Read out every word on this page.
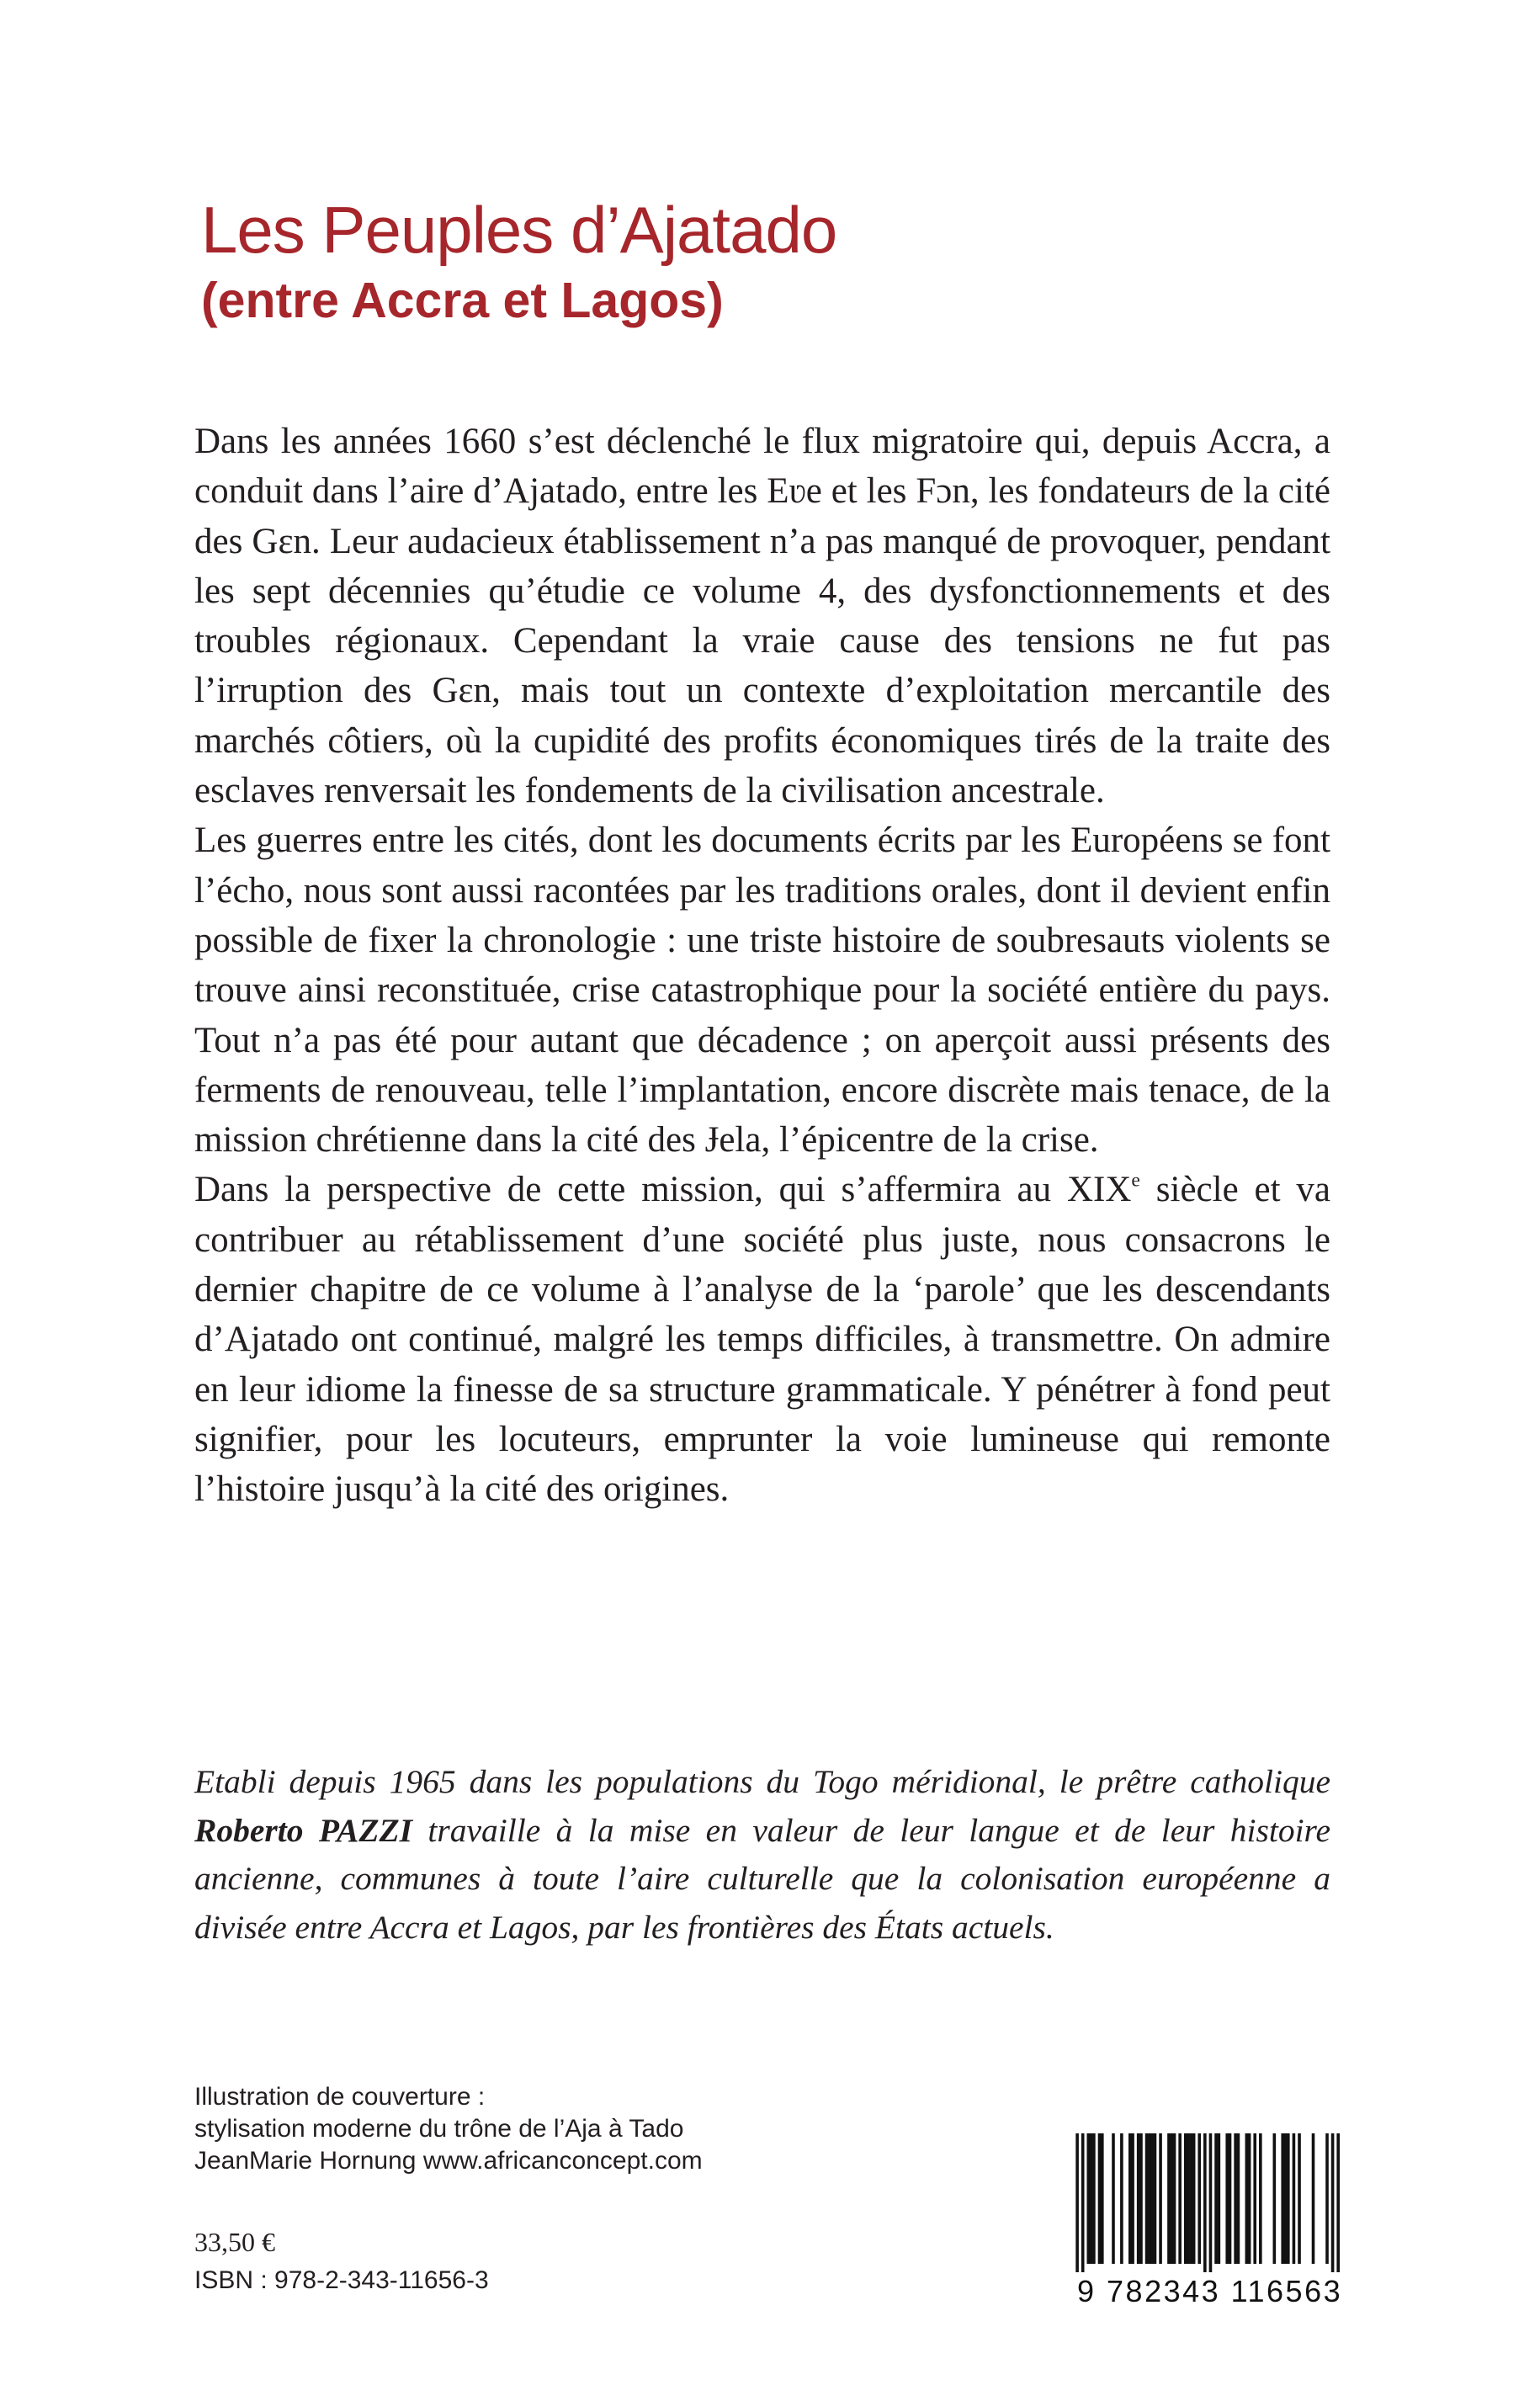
Les Peuples d’Ajatado
(entre Accra et Lagos)

Dans les années 1660 s’est déclenché le flux migratoire qui, depuis Accra, a conduit dans l’aire d’Ajatado, entre les Eʋe et les Fɔn, les fondateurs de la cité des Gɛn. Leur audacieux établissement n’a pas manqué de provoquer, pendant les sept décennies qu’étudie ce volume 4, des dysfonctionnements et des troubles régionaux. Cependant la vraie cause des tensions ne fut pas l’irruption des Gɛn, mais tout un contexte d’exploitation mercantile des marchés côtiers, où la cupidité des profits économiques tirés de la traite des esclaves renversait les fondements de la civilisation ancestrale.

Les guerres entre les cités, dont les documents écrits par les Européens se font l’écho, nous sont aussi racontées par les traditions orales, dont il devient enfin possible de fixer la chronologie : une triste histoire de soubresauts violents se trouve ainsi reconstituée, crise catastrophique pour la société entière du pays. Tout n’a pas été pour autant que décadence ; on aperçoit aussi présents des ferments de renouveau, telle l’implantation, encore discrète mais tenace, de la mission chrétienne dans la cité des Ɉela, l’épicentre de la crise.

Dans la perspective de cette mission, qui s’affermira au XIXe siècle et va contribuer au rétablissement d’une société plus juste, nous consacrons le dernier chapitre de ce volume à l’analyse de la ‘parole’ que les descendants d’Ajatado ont continué, malgré les temps difficiles, à transmettre. On admire en leur idiome la finesse de sa structure grammaticale. Y pénétrer à fond peut signifier, pour les locuteurs, emprunter la voie lumineuse qui remonte l’histoire jusqu’à la cité des origines.

Etabli depuis 1965 dans les populations du Togo méridional, le prêtre catholique Roberto PAZZI travaille à la mise en valeur de leur langue et de leur histoire ancienne, communes à toute l’aire culturelle que la colonisation européenne a divisée entre Accra et Lagos, par les frontières des États actuels.

Illustration de couverture :
stylisation moderne du trône de l’Aja à Tado
JeanMarie Hornung www.africanconcept.com
33,50 €
ISBN : 978-2-343-11656-3	9 782343 116563
